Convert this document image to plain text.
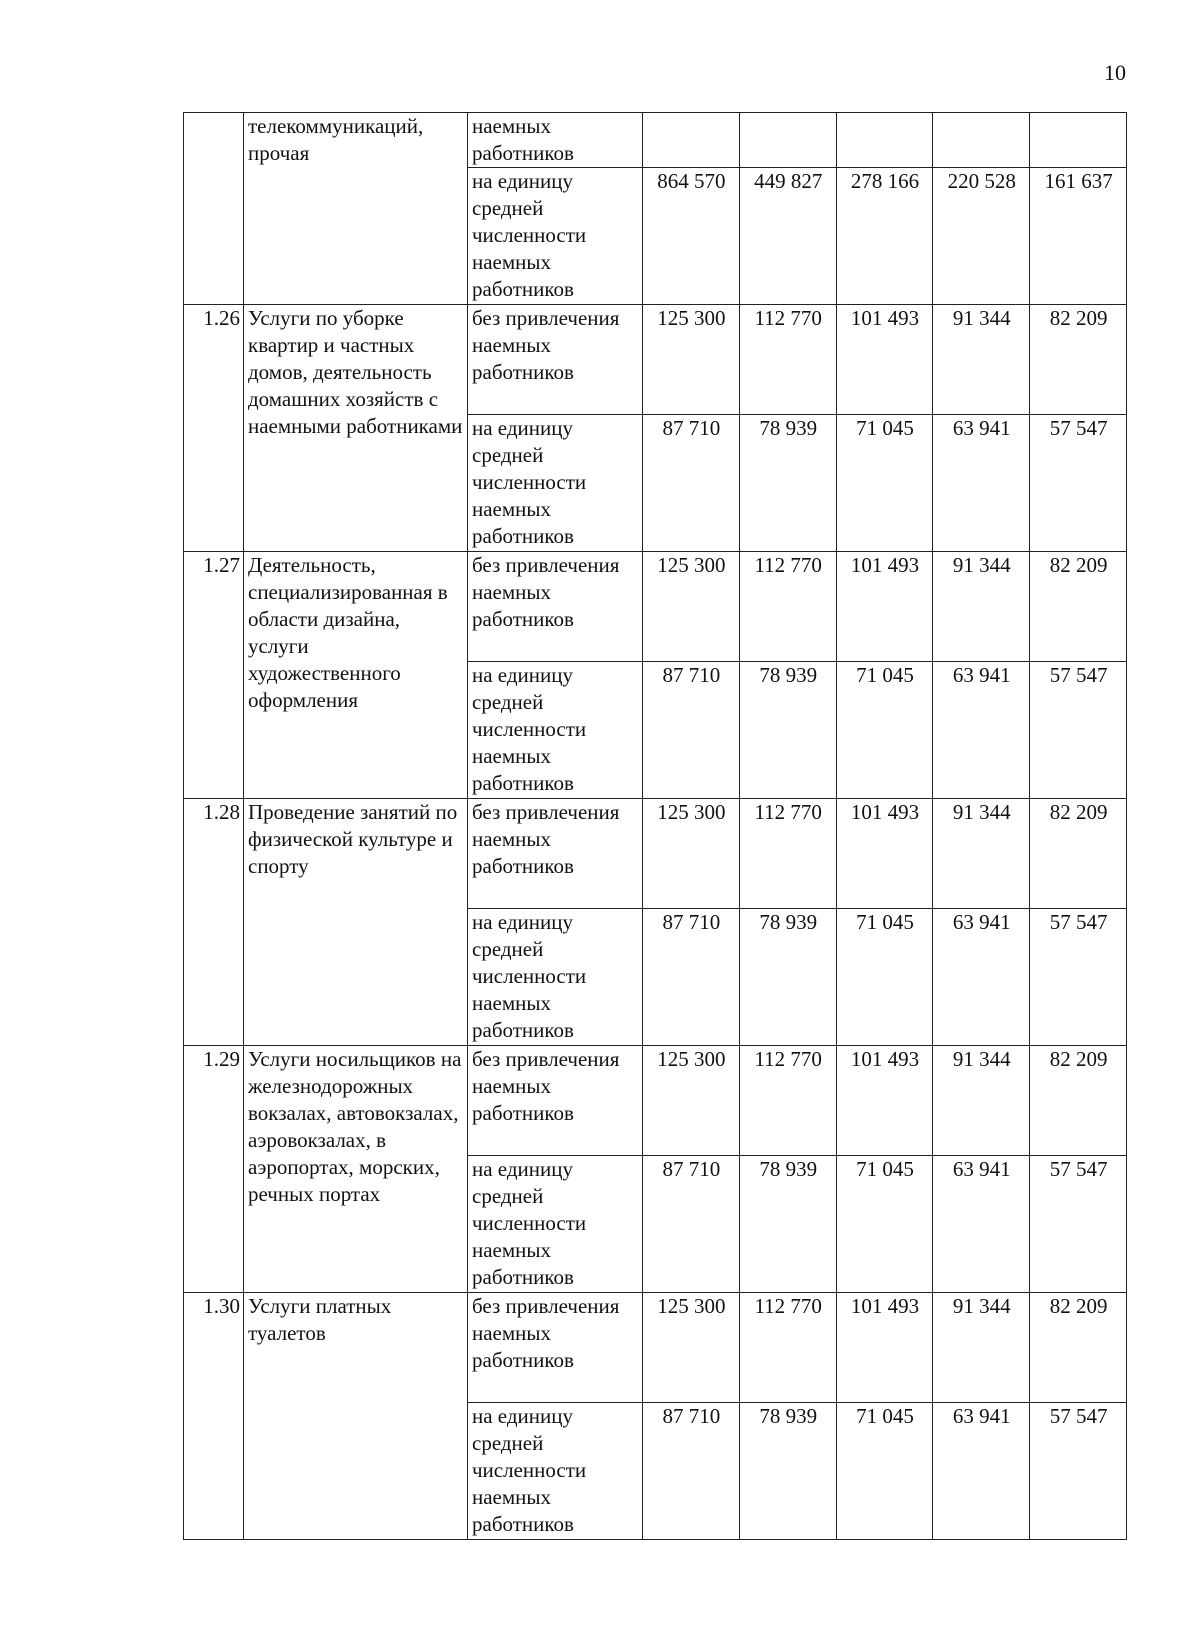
10
	телекоммуникаций, прочая	наемных работников					
		на единицу средней численности наемных работников	864 570	449 827	278 166	220 528	161 637
1.26	Услуги по уборке квартир и частных домов, деятельность домашних хозяйств с наемными работниками	без привлечения наемных работников	125 300	112 770	101 493	91 344	82 209
		на единицу средней численности наемных работников	87 710	78 939	71 045	63 941	57 547
1.27	Деятельность, специализированная в области дизайна, услуги художественного оформления	без привлечения наемных работников	125 300	112 770	101 493	91 344	82 209
		на единицу средней численности наемных работников	87 710	78 939	71 045	63 941	57 547
1.28	Проведение занятий по физической культуре и спорту	без привлечения наемных работников	125 300	112 770	101 493	91 344	82 209
		на единицу средней численности наемных работников	87 710	78 939	71 045	63 941	57 547
1.29	Услуги носильщиков на железнодорожных вокзалах, автовокзалах, аэровокзалах, в аэропортах, морских, речных портах	без привлечения наемных работников	125 300	112 770	101 493	91 344	82 209
		на единицу средней численности наемных работников	87 710	78 939	71 045	63 941	57 547
1.30	Услуги платных туалетов	без привлечения наемных работников	125 300	112 770	101 493	91 344	82 209
		на единицу средней численности наемных работников	87 710	78 939	71 045	63 941	57 547
